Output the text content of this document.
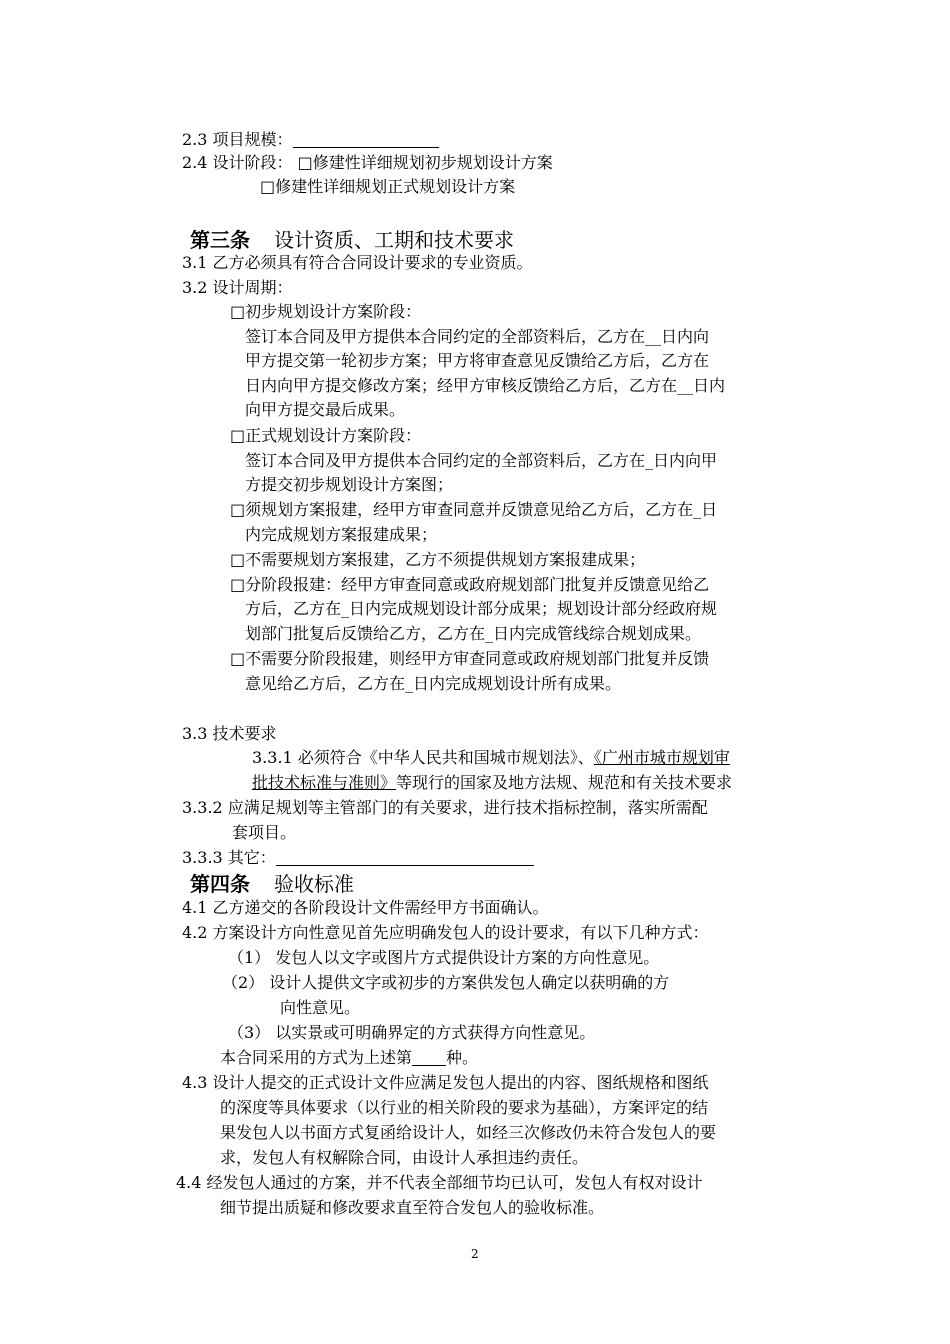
2.3 项目规模：
2.4 设计阶段： □修建性详细规划初步规划设计方案
□修建性详细规划正式规划设计方案
第三条 设计资质、工期和技术要求
3.1 乙方必须具有符合合同设计要求的专业资质。
3.2 设计周期：
□初步规划设计方案阶段：
签订本合同及甲方提供本合同约定的全部资料后，乙方在__日内向
甲方提交第一轮初步方案；甲方将审查意见反馈给乙方后，乙方在
日内向甲方提交修改方案；经甲方审核反馈给乙方后，乙方在__日内
向甲方提交最后成果。
□正式规划设计方案阶段：
签订本合同及甲方提供本合同约定的全部资料后，乙方在_日内向甲
方提交初步规划设计方案图；
□须规划方案报建，经甲方审查同意并反馈意见给乙方后，乙方在_日
内完成规划方案报建成果；
□不需要规划方案报建，乙方不须提供规划方案报建成果；
□分阶段报建：经甲方审查同意或政府规划部门批复并反馈意见给乙
方后，乙方在_日内完成规划设计部分成果；规划设计部分经政府规
划部门批复后反馈给乙方，乙方在_日内完成管线综合规划成果。
□不需要分阶段报建，则经甲方审查同意或政府规划部门批复并反馈
意见给乙方后，乙方在_日内完成规划设计所有成果。
3.3 技术要求
3.3.1 必须符合《中华人民共和国城市规划法》、《广州市城市规划审
批技术标准与准则》等现行的国家及地方法规、规范和有关技术要求
3.3.2 应满足规划等主管部门的有关要求，进行技术指标控制，落实所需配
套项目。
3.3.3 其它：
第四条 验收标准
4.1 乙方递交的各阶段设计文件需经甲方书面确认。
4.2 方案设计方向性意见首先应明确发包人的设计要求，有以下几种方式：
（1） 发包人以文字或图片方式提供设计方案的方向性意见。
（2） 设计人提供文字或初步的方案供发包人确定以获明确的方
向性意见。
（3） 以实景或可明确界定的方式获得方向性意见。
本合同采用的方式为上述第 种。
4.3 设计人提交的正式设计文件应满足发包人提出的内容、图纸规格和图纸
的深度等具体要求（以行业的相关阶段的要求为基础），方案评定的结
果发包人以书面方式复函给设计人，如经三次修改仍未符合发包人的要
求，发包人有权解除合同，由设计人承担违约责任。
4.4 经发包人通过的方案，并不代表全部细节均已认可，发包人有权对设计
细节提出质疑和修改要求直至符合发包人的验收标准。
2
